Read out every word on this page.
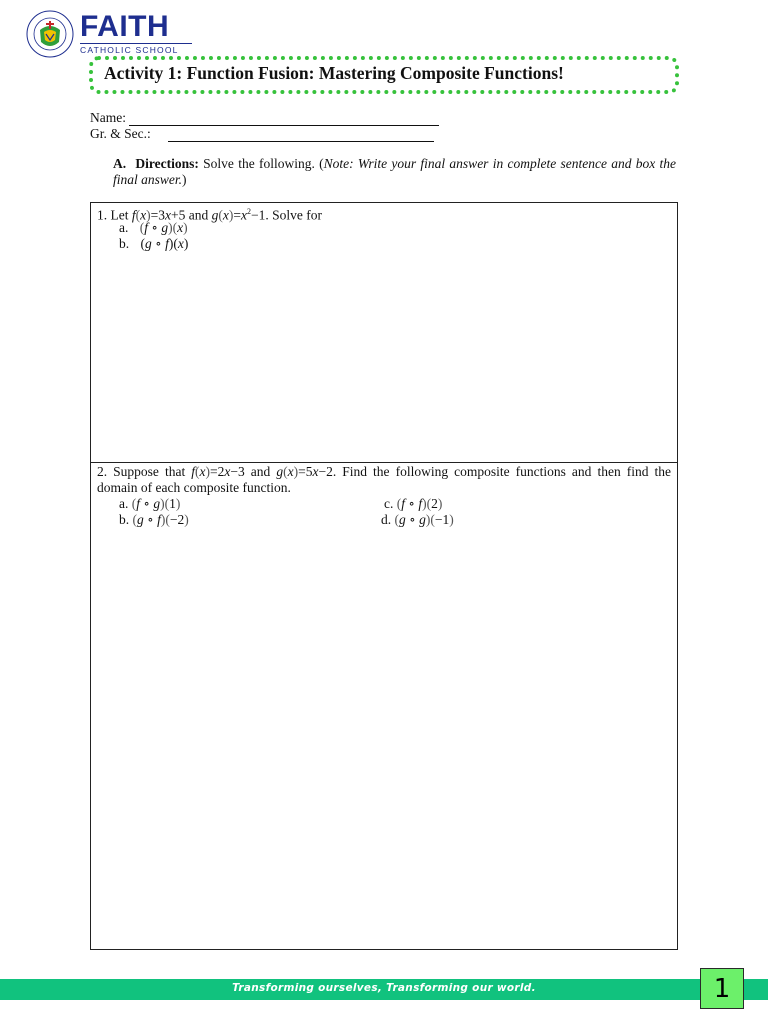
FAITH
CATHOLIC SCHOOL
Activity 1: Function Fusion: Mastering Composite Functions!
Name:
Gr. & Sec.:
A. Directions: Solve the following. (Note: Write your final answer in complete sentence and box the final answer.)
1. Let f(x)=3x+5 and $g(x)=x^2-1$. Solve for
a. (f ∘ g)(x)
b. (g ∘ f)(x)
2. Suppose that f(x)=2x−3 and g(x)=5x−2. Find the following composite functions and then find the domain of each composite function.
a. (f ∘ g)(1)
b. (g ∘ f)(−2)
c. (f ∘ f)(2)
d. (g ∘ g)(−1)
Transforming ourselves, Transforming our world.	1
